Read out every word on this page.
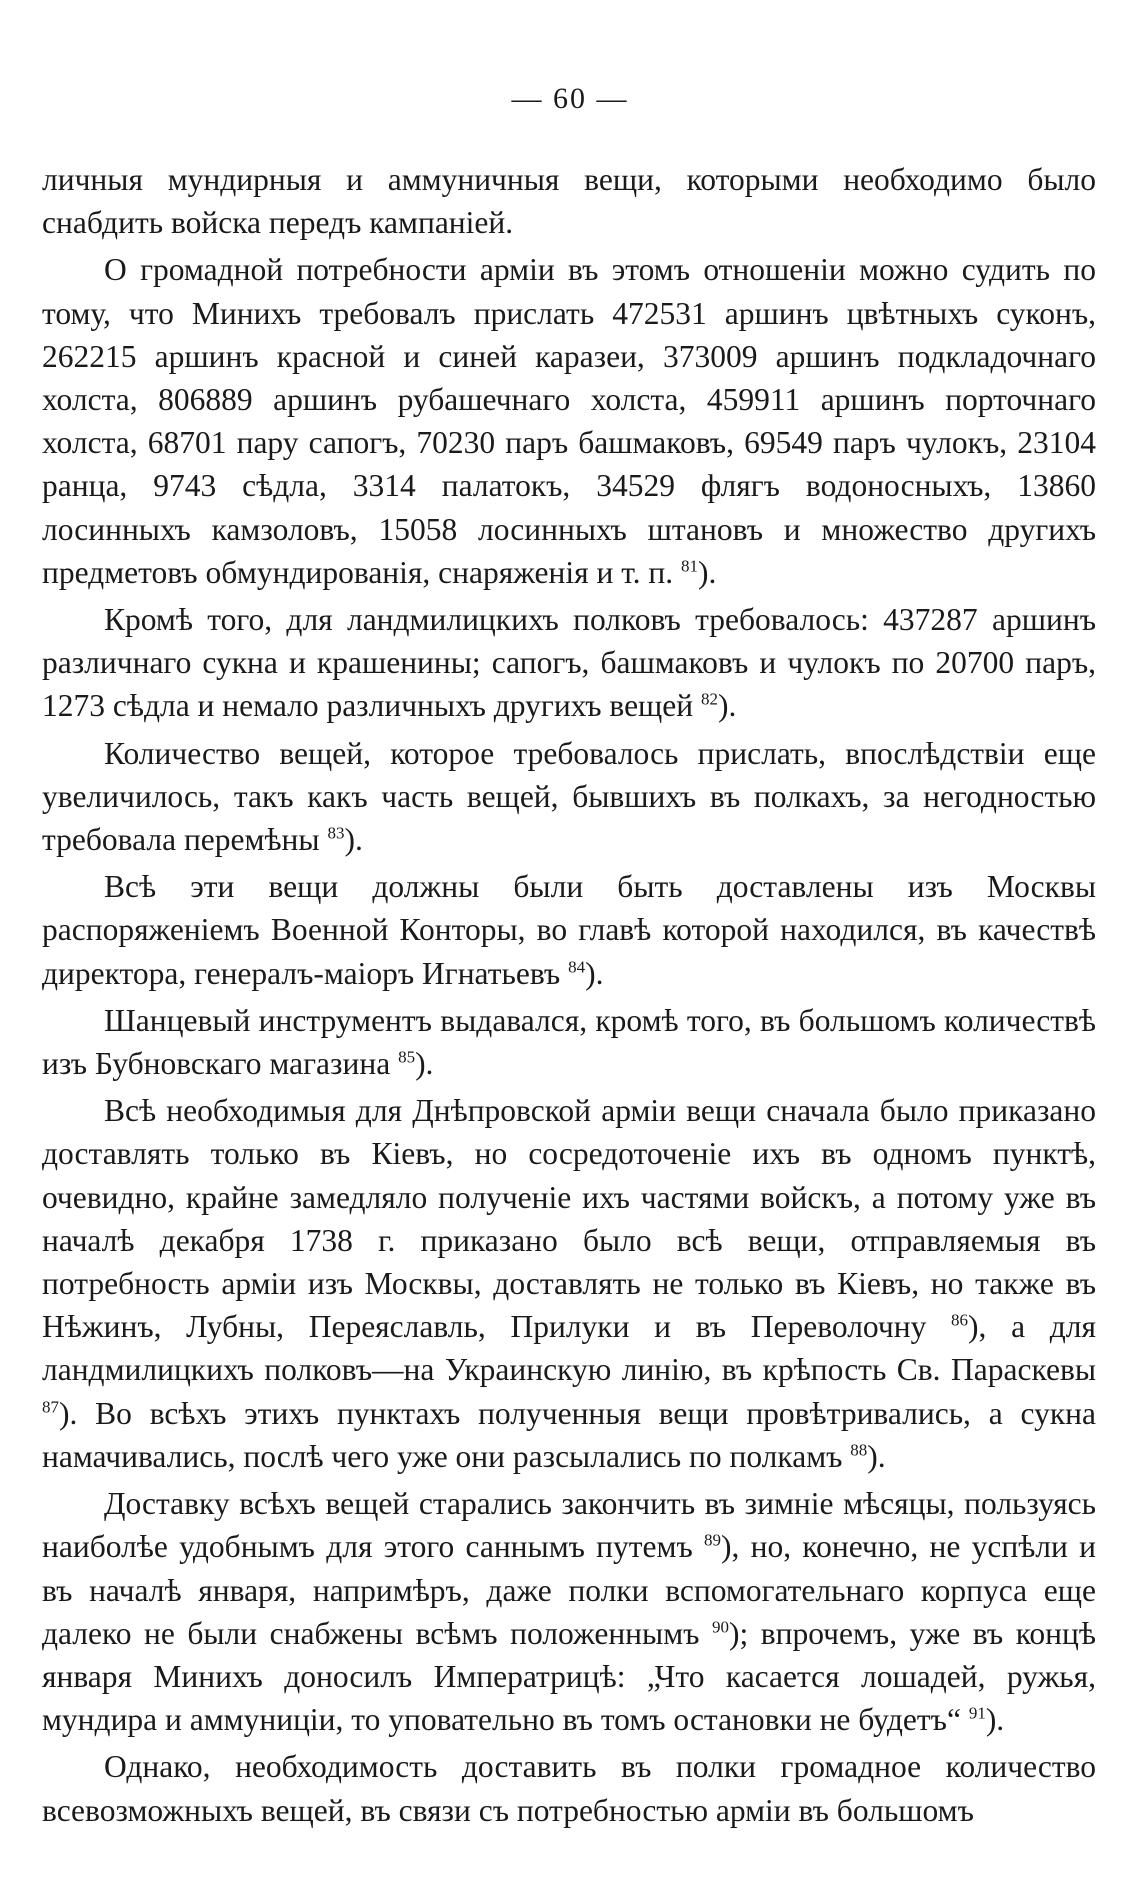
— 60 —

личныя мундирныя и аммуничныя вещи, которыми необходимо было снабдить войска передъ кампаніей.

О громадной потребности арміи въ этомъ отношеніи можно судить по тому, что Минихъ требовалъ прислать 472531 аршинъ цвѣтныхъ суконъ, 262215 аршинъ красной и синей каразеи, 373009 аршинъ подкладочнаго холста, 806889 аршинъ рубашечнаго холста, 459911 аршинъ порточнаго холста, 68701 пару сапогъ, 70230 паръ башмаковъ, 69549 паръ чулокъ, 23104 ранца, 9743 сѣдла, 3314 палатокъ, 34529 флягъ водоносныхъ, 13860 лосинныхъ камзоловъ, 15058 лосинныхъ штановъ и множество другихъ предметовъ обмундированія, снаряженія и т. п. $^{81}$).

Кромѣ того, для ландмилицкихъ полковъ требовалось: 437287 аршинъ различнаго сукна и крашенины; сапогъ, башмаковъ и чулокъ по 20700 паръ, 1273 сѣдла и немало различныхъ другихъ вещей $^{82}$).

Количество вещей, которое требовалось прислать, впослѣдствіи еще увеличилось, такъ какъ часть вещей, бывшихъ въ полкахъ, за негодностью требовала перемѣны $^{83}$).

Всѣ эти вещи должны были быть доставлены изъ Москвы распоряженіемъ Военной Конторы, во главѣ которой находился, въ качествѣ директора, генералъ-маіоръ Игнатьевъ $^{84}$).

Шанцевый инструментъ выдавался, кромѣ того, въ большомъ количествѣ изъ Бубновскаго магазина $^{85}$).

Всѣ необходимыя для Днѣпровской арміи вещи сначала было приказано доставлять только въ Кіевъ, но сосредоточеніе ихъ въ одномъ пунктѣ, очевидно, крайне замедляло полученіе ихъ частями войскъ, а потому уже въ началѣ декабря 1738 г. приказано было всѣ вещи, отправляемыя въ потребность арміи изъ Москвы, доставлять не только въ Кіевъ, но также въ Нѣжинъ, Лубны, Переяславль, Прилуки и въ Переволочну $^{86}$), а для ландмилицкихъ полковъ—на Украинскую линію, въ крѣпость Св. Параскевы $^{87}$). Во всѣхъ этихъ пунктахъ полученныя вещи провѣтривались, а сукна намачивались, послѣ чего уже они разсылались по полкамъ $^{88}$).

Доставку всѣхъ вещей старались закончить въ зимніе мѣсяцы, пользуясь наиболѣе удобнымъ для этого саннымъ путемъ $^{89}$), но, конечно, не успѣли и въ началѣ января, напримѣръ, даже полки вспомогательнаго корпуса еще далеко не были снабжены всѣмъ положеннымъ $^{90}$); впрочемъ, уже въ концѣ января Минихъ доносилъ Императрицѣ: „Что касается лошадей, ружья, мундира и аммуниціи, то уповательно въ томъ остановки не будетъ“ $^{91}$).

Однако, необходимость доставить въ полки громадное количество всевозможныхъ вещей, въ связи съ потребностью арміи въ большомъ
